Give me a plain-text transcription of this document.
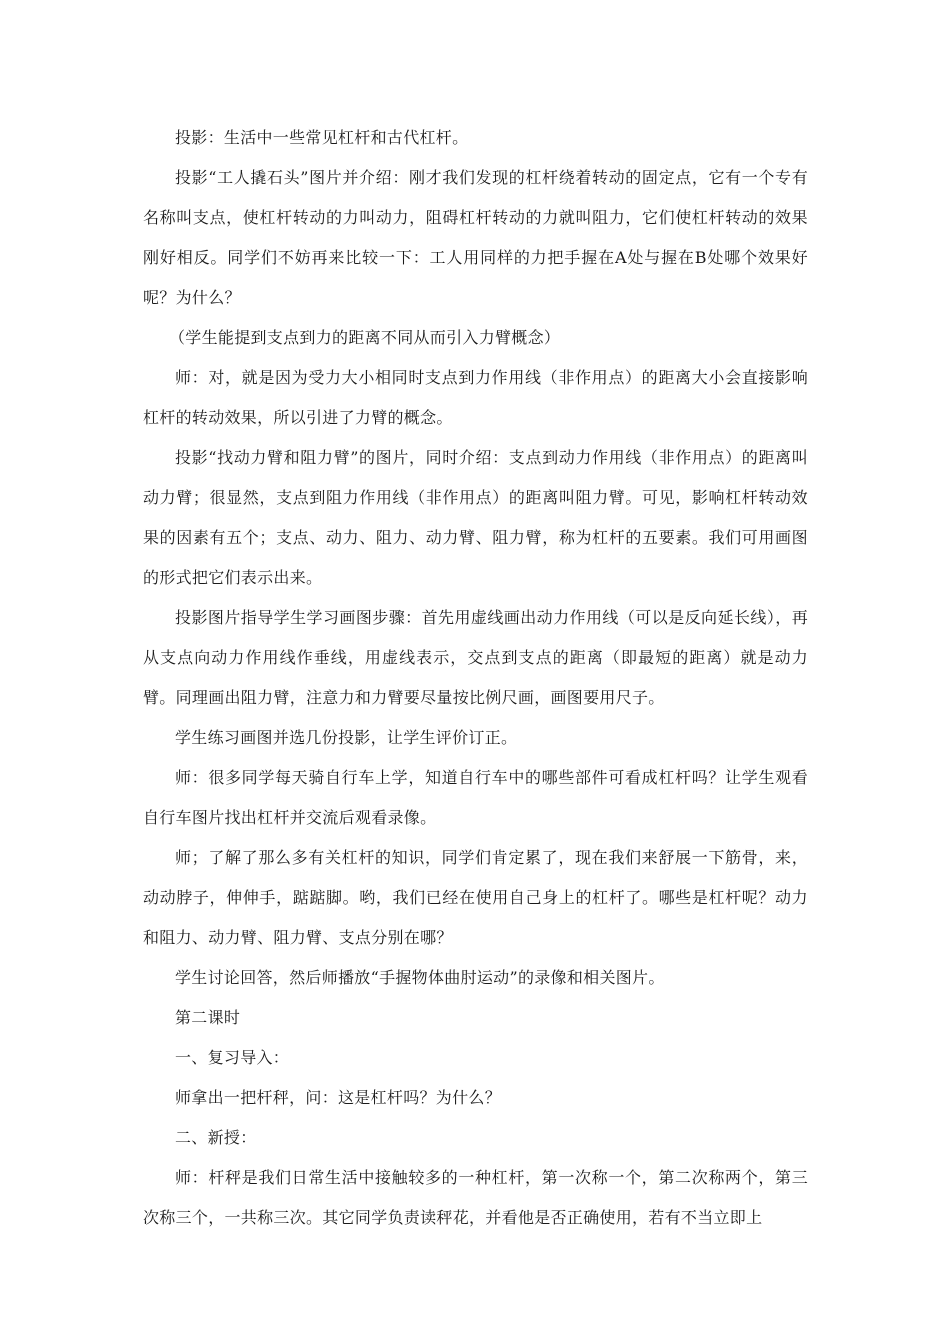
投影：生活中一些常见杠杆和古代杠杆。

投影“工人撬石头”图片并介绍：刚才我们发现的杠杆绕着转动的固定点，它有一个专有名称叫支点，使杠杆转动的力叫动力，阻碍杠杆转动的力就叫阻力，它们使杠杆转动的效果刚好相反。同学们不妨再来比较一下：工人用同样的力把手握在A处与握在B处哪个效果好呢？为什么？

（学生能提到支点到力的距离不同从而引入力臂概念）

师：对，就是因为受力大小相同时支点到力作用线（非作用点）的距离大小会直接影响杠杆的转动效果，所以引进了力臂的概念。

投影“找动力臂和阻力臂”的图片，同时介绍：支点到动力作用线（非作用点）的距离叫动力臂；很显然，支点到阻力作用线（非作用点）的距离叫阻力臂。可见，影响杠杆转动效果的因素有五个；支点、动力、阻力、动力臂、阻力臂，称为杠杆的五要素。我们可用画图的形式把它们表示出来。

投影图片指导学生学习画图步骤：首先用虚线画出动力作用线（可以是反向延长线），再从支点向动力作用线作垂线，用虚线表示，交点到支点的距离（即最短的距离）就是动力臂。同理画出阻力臂，注意力和力臂要尽量按比例尺画，画图要用尺子。

学生练习画图并选几份投影，让学生评价订正。

师：很多同学每天骑自行车上学，知道自行车中的哪些部件可看成杠杆吗？让学生观看自行车图片找出杠杆并交流后观看录像。

师；了解了那么多有关杠杆的知识，同学们肯定累了，现在我们来舒展一下筋骨，来，动动脖子，伸伸手，踮踮脚。哟，我们已经在使用自己身上的杠杆了。哪些是杠杆呢？动力和阻力、动力臂、阻力臂、支点分别在哪？

学生讨论回答，然后师播放“手握物体曲肘运动”的录像和相关图片。

第二课时

一、复习导入：

师拿出一把杆秤，问：这是杠杆吗？为什么？

二、新授：

师：杆秤是我们日常生活中接触较多的一种杠杆，第一次称一个，第二次称两个，第三次称三个，一共称三次。其它同学负责读秤花，并看他是否正确使用，若有不当立即上
